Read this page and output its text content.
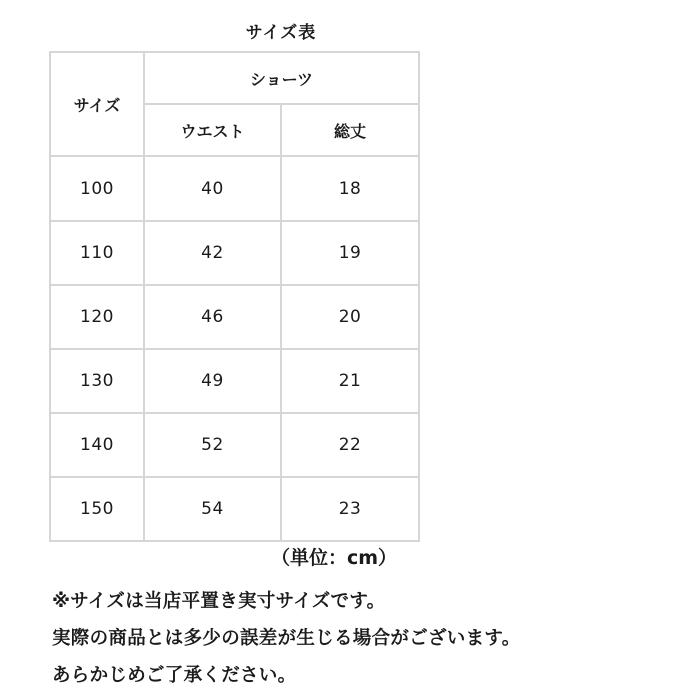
サイズ表
サイズ	ショーツ	
	ウエスト	総丈
100	40	18
110	42	19
120	46	20
130	49	21
140	52	22
150	54	23
（単位：cm）
※サイズは当店平置き実寸サイズです。
実際の商品とは多少の誤差が生じる場合がございます。
あらかじめご了承ください。
